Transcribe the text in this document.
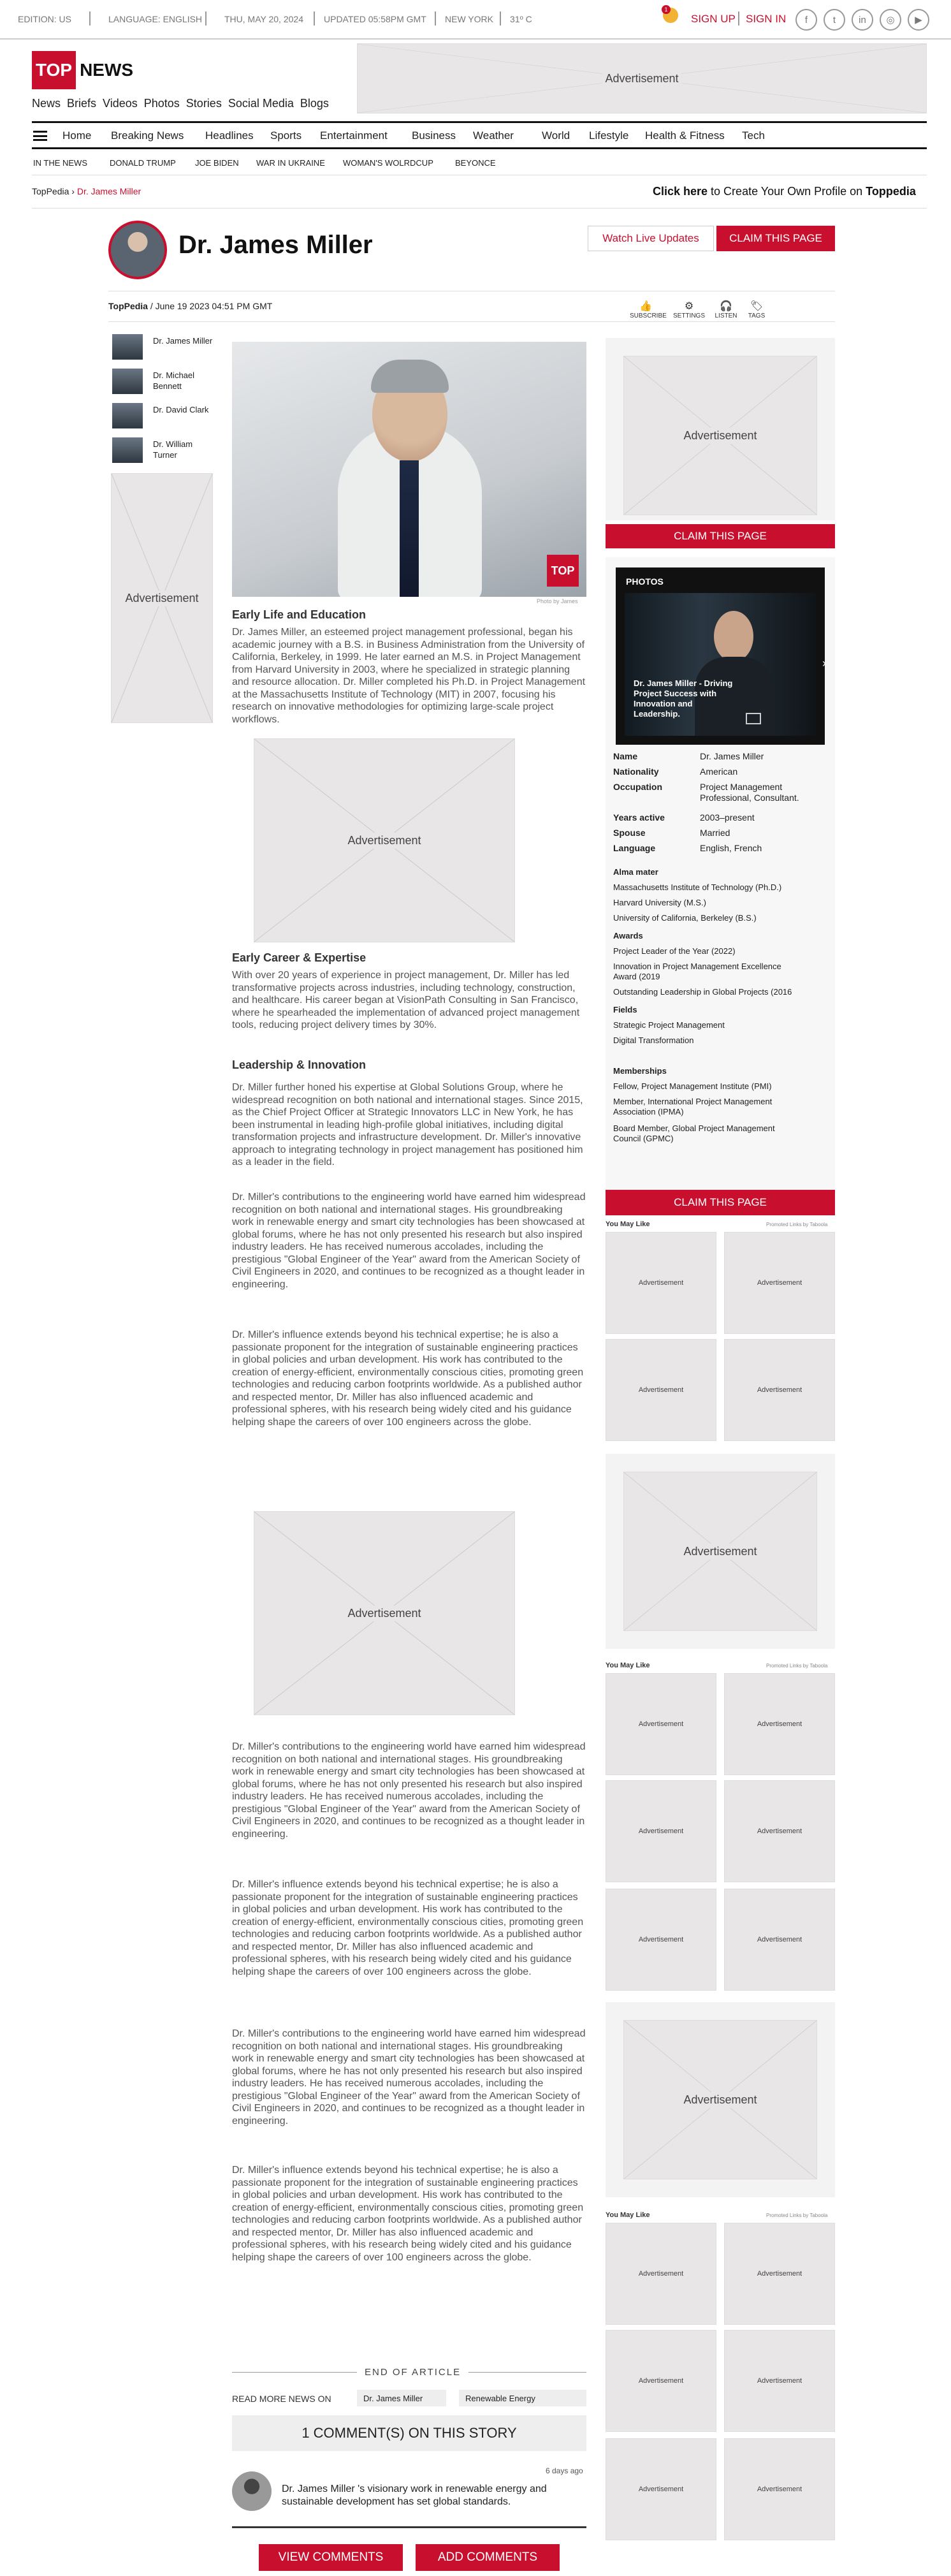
EDITION: US	LANGUAGE: ENGLISH THU, MAY 20, 2024 UPDATED 05:58PM GMT NEW YORK 31º C
1
SIGN UP SIGN IN	f	t	in	◎	▶
TOP NEWS	Advertisement
News Briefs Videos Photos Stories Social Media Blogs
Home Breaking News Headlines Sports Entertainment Business Weather	World Lifestyle Health & Fitness Tech
IN THE NEWS	DONALD TRUMP JOE BIDEN WAR IN UKRAINE WOMAN'S WOLRDCUP	BEYONCE
TopPedia › Dr. James Miller	Click here to Create Your Own Profile on Toppedia
Dr. James Miller	Watch Live Updates	CLAIM THIS PAGE
TopPedia / June 19 2023 04:51 PM GMT	👍
SUBSCRIBE
⚙
SETTINGS
🎧
LISTEN
🏷
TAGS
Dr. James Miller
Dr. Michael Bennett
Dr. David Clark
Dr. William Turner
Advertisement
TOP
Photo by James
Early Life and Education

Dr. James Miller, an esteemed project management professional, began his academic journey with a B.S. in Business Administration from the University of California, Berkeley, in 1999. He later earned an M.S. in Project Management from Harvard University in 2003, where he specialized in strategic planning and resource allocation. Dr. Miller completed his Ph.D. in Project Management at the Massachusetts Institute of Technology (MIT) in 2007, focusing his research on innovative methodologies for optimizing large-scale project workflows.

Advertisement
Early Career & Expertise

With over 20 years of experience in project management, Dr. Miller has led transformative projects across industries, including technology, construction, and healthcare. His career began at VisionPath Consulting in San Francisco, where he spearheaded the implementation of advanced project management tools, reducing project delivery times by 30%.

Leadership & Innovation

Dr. Miller further honed his expertise at Global Solutions Group, where he widespread recognition on both national and international stages. Since 2015, as the Chief Project Officer at Strategic Innovators LLC in New York, he has been instrumental in leading high-profile global initiatives, including digital transformation projects and infrastructure development. Dr. Miller's innovative approach to integrating technology in project management has positioned him as a leader in the field.

Dr. Miller's contributions to the engineering world have earned him widespread recognition on both national and international stages. His groundbreaking work in renewable energy and smart city technologies has been showcased at global forums, where he has not only presented his research but also inspired industry leaders. He has received numerous accolades, including the prestigious "Global Engineer of the Year" award from the American Society of Civil Engineers in 2020, and continues to be recognized as a thought leader in engineering.

Dr. Miller's influence extends beyond his technical expertise; he is also a passionate proponent for the integration of sustainable engineering practices in global policies and urban development. His work has contributed to the creation of energy-efficient, environmentally conscious cities, promoting green technologies and reducing carbon footprints worldwide. As a published author and respected mentor, Dr. Miller has also influenced academic and professional spheres, with his research being widely cited and his guidance helping shape the careers of over 100 engineers across the globe.

Advertisement

Dr. Miller's contributions to the engineering world have earned him widespread recognition on both national and international stages. His groundbreaking work in renewable energy and smart city technologies has been showcased at global forums, where he has not only presented his research but also inspired industry leaders. He has received numerous accolades, including the prestigious "Global Engineer of the Year" award from the American Society of Civil Engineers in 2020, and continues to be recognized as a thought leader in engineering.

Dr. Miller's influence extends beyond his technical expertise; he is also a passionate proponent for the integration of sustainable engineering practices in global policies and urban development. His work has contributed to the creation of energy-efficient, environmentally conscious cities, promoting green technologies and reducing carbon footprints worldwide. As a published author and respected mentor, Dr. Miller has also influenced academic and professional spheres, with his research being widely cited and his guidance helping shape the careers of over 100 engineers across the globe.

Dr. Miller's contributions to the engineering world have earned him widespread recognition on both national and international stages. His groundbreaking work in renewable energy and smart city technologies has been showcased at global forums, where he has not only presented his research but also inspired industry leaders. He has received numerous accolades, including the prestigious "Global Engineer of the Year" award from the American Society of Civil Engineers in 2020, and continues to be recognized as a thought leader in engineering.

Dr. Miller's influence extends beyond his technical expertise; he is also a passionate proponent for the integration of sustainable engineering practices in global policies and urban development. His work has contributed to the creation of energy-efficient, environmentally conscious cities, promoting green technologies and reducing carbon footprints worldwide. As a published author and respected mentor, Dr. Miller has also influenced academic and professional spheres, with his research being widely cited and his guidance helping shape the careers of over 100 engineers across the globe.

END OF ARTICLE
READ MORE NEWS ON	Dr. James Miller	Renewable Energy
1 COMMENT(S) ON THIS STORY
6 days ago
Dr. James Miller 's visionary work in renewable energy and sustainable development has set global standards.
VIEW COMMENTS	ADD COMMENTS
Advertisement
CLAIM THIS PAGE
PHOTOS
Dr. James Miller - Driving Project Success with Innovation and Leadership.
›
Name	Dr. James Miller
Nationality	American
Occupation	Project Management Professional, Consultant.
Years active	2003–present
Spouse	Married
Language	English, French
Alma mater
Massachusetts Institute of Technology (Ph.D.)
Harvard University (M.S.)
University of California, Berkeley (B.S.)
Awards
Project Leader of the Year (2022)
Innovation in Project Management Excellence Award (2019
Outstanding Leadership in Global Projects (2016
Fields
Strategic Project Management
Digital Transformation
Memberships
Fellow, Project Management Institute (PMI)
Member, International Project Management Association (IPMA)
Board Member, Global Project Management Council (GPMC)
CLAIM THIS PAGE
You May Like	Promoted Links by Taboola
Advertisement	Advertisement
Advertisement	Advertisement
Advertisement
You May Like	Promoted Links by Taboola
Advertisement	Advertisement
Advertisement	Advertisement
Advertisement	Advertisement
Advertisement
You May Like	Promoted Links by Taboola
Advertisement	Advertisement
Advertisement	Advertisement
Advertisement	Advertisement
